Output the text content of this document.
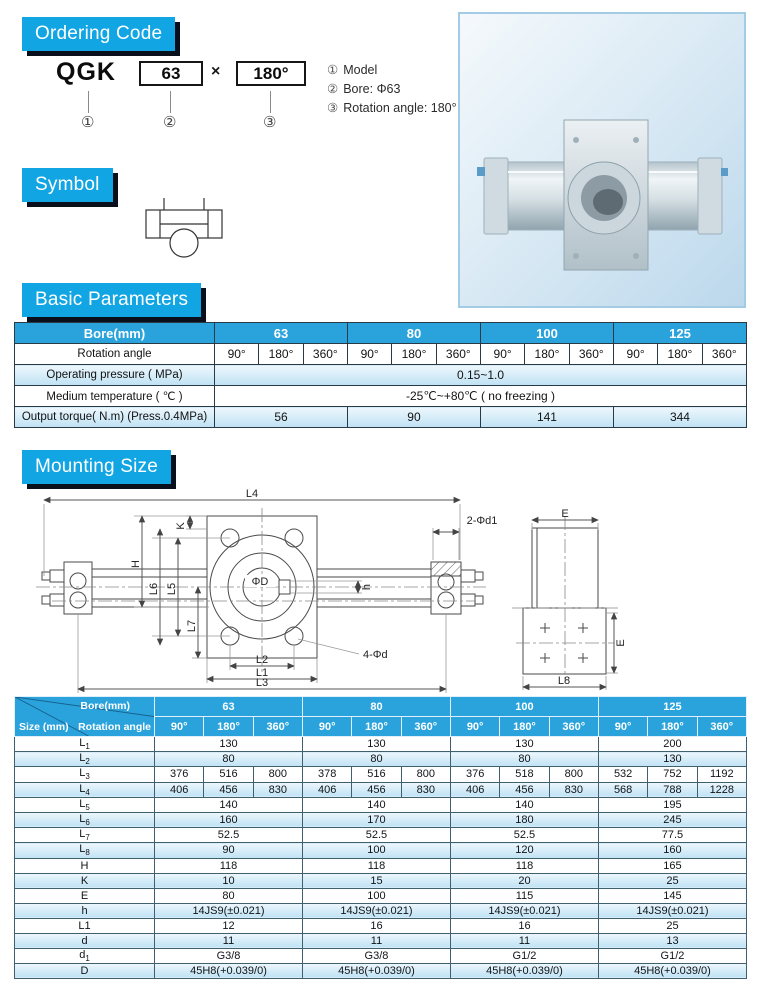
Ordering Code
Symbol
Basic Parameters
Mounting Size
QGK	63	×	180°
①	②	③
① Model
② Bore: Φ63
③ Rotation angle: 180°
Bore(mm)	63			80			100			125		
Rotation angle	90°	180°	360°	90°	180°	360°	90°	180°	360°	90°	180°	360°
Operating pressure ( MPa)	0.15~1.0											
Medium temperature ( ℃ )	-25℃~+80℃ ( no freezing )											
Output torque( N.m) (Press.0.4MPa)	56			90			141			344		
L4
K
H
L6 L5
L7
ΦD	h
2-Φd1
4-Φd
L2
L1
L3
E
E
L8
Bore(mm)
Rotation angle
Size (mm)	63			80			100			125		
	90°	180°	360°	90°	180°	360°	90°	180°	360°	90°	180°	360°
$L_1$	130			130			130			200		
$L_2$	80			80			80			130		
$L_3$	376	516	800	378	516	800	376	518	800	532	752	1192
$L_4$	406	456	830	406	456	830	406	456	830	568	788	1228
$L_5$	140			140			140			195		
$L_6$	160			170			180			245		
$L_7$	52.5			52.5			52.5			77.5		
$L_8$	90			100			120			160		
H	118			118			118			165		
K	10			15			20			25		
E	80			100			115			145		
h	14JS9(±0.021)			14JS9(±0.021)			14JS9(±0.021)			14JS9(±0.021)		
L1	12			16			16			25		
d	11			11			11			13		
$d_1$	G3/8			G3/8			G1/2			G1/2		
D	45H8(+0.039/0)			45H8(+0.039/0)			45H8(+0.039/0)			45H8(+0.039/0)		
